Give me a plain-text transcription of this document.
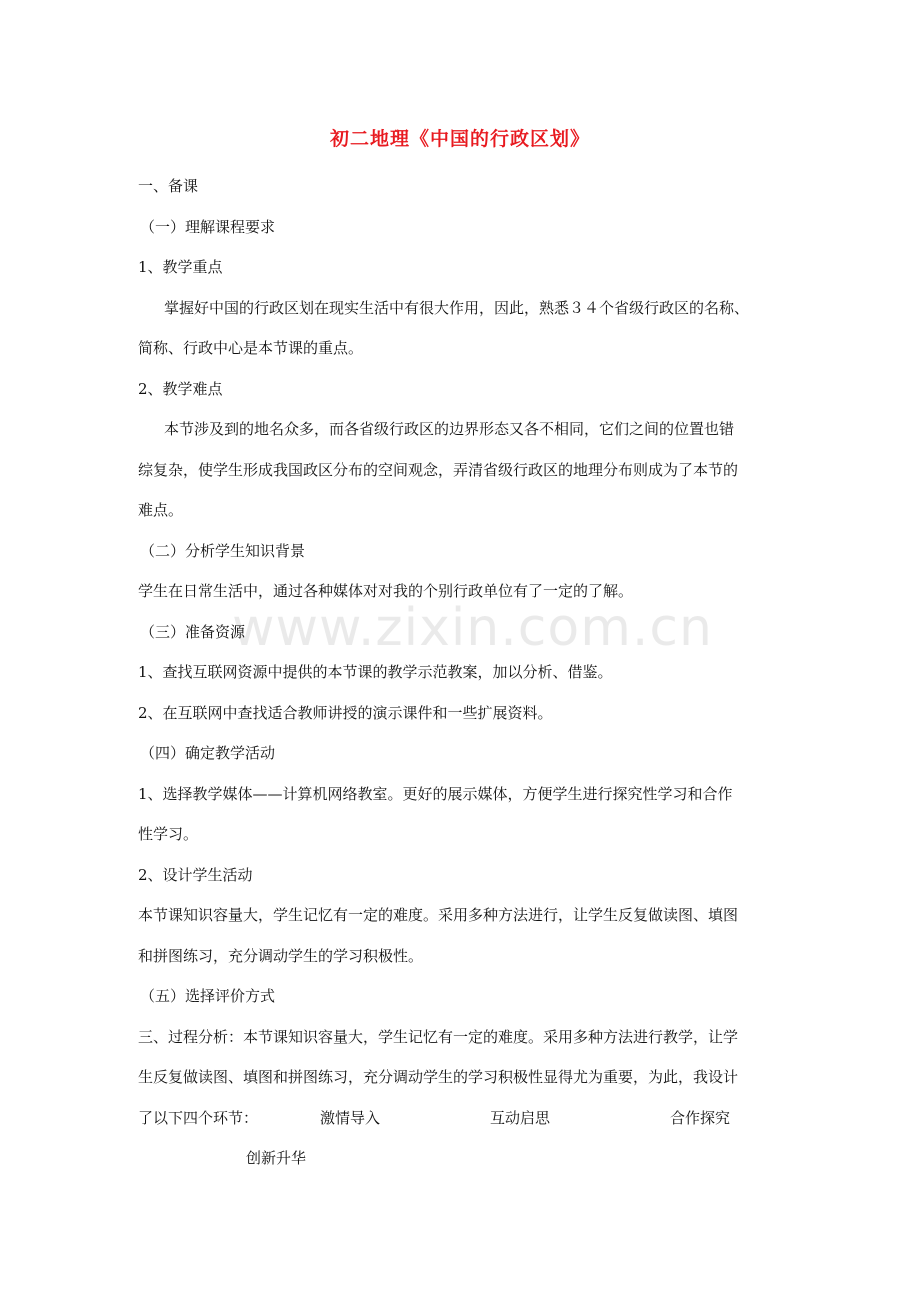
初二地理《中国的行政区划》
www.zixin.com.cn

一、备课

（一）理解课程要求

1、教学重点

掌握好中国的行政区划在现实生活中有很大作用，因此，熟悉３４个省级行政区的名称、

简称、行政中心是本节课的重点。

2、教学难点

本节涉及到的地名众多，而各省级行政区的边界形态又各不相同，它们之间的位置也错

综复杂，使学生形成我国政区分布的空间观念，弄清省级行政区的地理分布则成为了本节的

难点。

（二）分析学生知识背景

学生在日常生活中，通过各种媒体对对我的个别行政单位有了一定的了解。

（三）准备资源

1、查找互联网资源中提供的本节课的教学示范教案，加以分析、借鉴。

2、在互联网中查找适合教师讲授的演示课件和一些扩展资料。

（四）确定教学活动

1、选择教学媒体——计算机网络教室。更好的展示媒体，方便学生进行探究性学习和合作

性学习。

2、设计学生活动

本节课知识容量大，学生记忆有一定的难度。采用多种方法进行，让学生反复做读图、填图

和拼图练习，充分调动学生的学习积极性。

（五）选择评价方式

三、过程分析：本节课知识容量大，学生记忆有一定的难度。采用多种方法进行教学，让学

生反复做读图、填图和拼图练习，充分调动学生的学习积极性显得尤为重要，为此，我设计

了以下四个环节：	激情导入	互动启思	合作探究

创新升华
